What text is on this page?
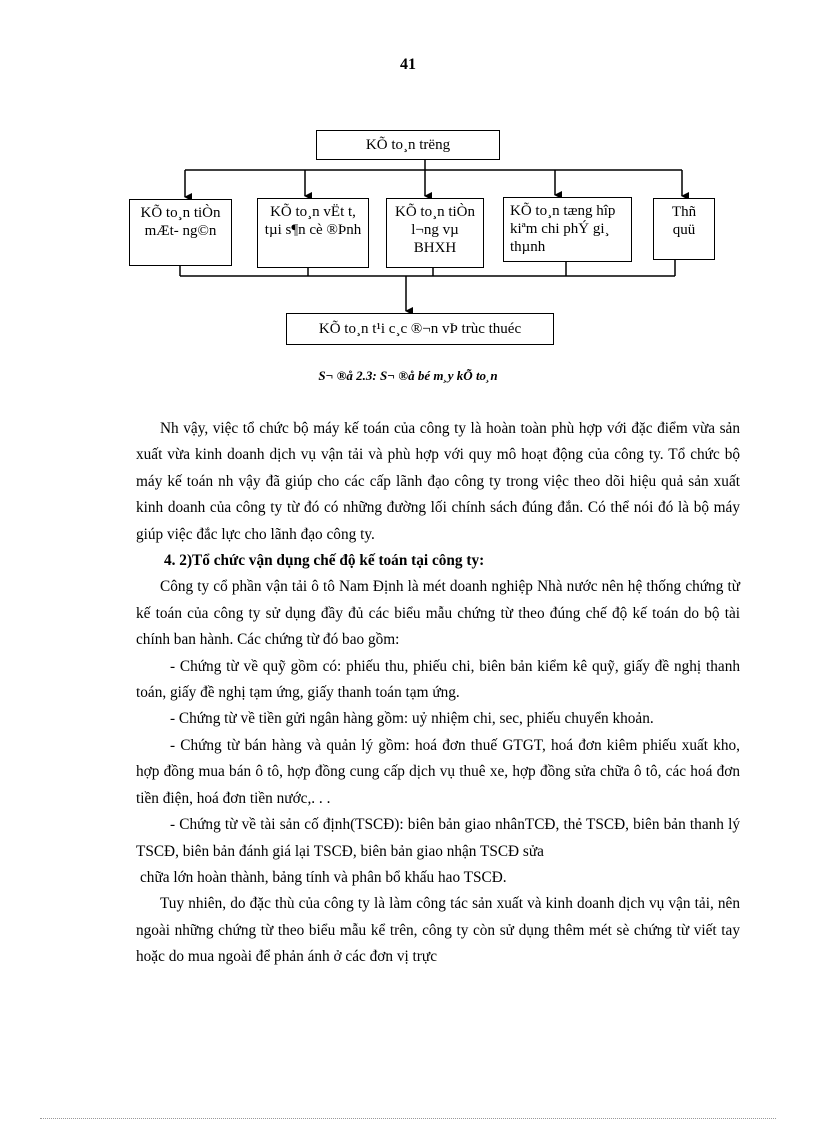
41
KÕ to¸n trëng
KÕ to¸n tiÒn mÆt- ng©n
KÕ to¸n vËt t, tµi s¶n cè ®Þnh
KÕ to¸n tiÒn l¬ng vµ BHXH
KÕ to¸n tæng hîp kiªm chi phÝ gi¸ thµnh
Thñ quü
KÕ to¸n t¹i c¸c ®¬n vÞ trùc thuéc
S¬ ®å 2.3: S¬ ®å bé m¸y kÕ to¸n

Nh vậy, việc tổ chức bộ máy kế toán của công ty là hoàn toàn phù hợp với đặc điểm vừa sản xuất vừa kinh doanh dịch vụ vận tải và phù hợp với quy mô hoạt động của công ty. Tổ chức bộ máy kế toán nh vậy đã giúp cho các cấp lãnh đạo công ty trong việc theo dõi hiệu quả sản xuất kinh doanh của công ty từ đó có những đường lối chính sách đúng đắn. Có thể nói đó là bộ máy giúp việc đắc lực cho lãnh đạo công ty.

4. 2)Tổ chức vận dụng chế độ kế toán tại công ty:

Công ty cổ phần vận tải ô tô Nam Định là mét doanh nghiệp Nhà nước nên hệ thống chứng từ kế toán của công ty sử dụng đầy đủ các biểu mẫu chứng từ theo đúng chế độ kế toán do bộ tài chính ban hành. Các chứng từ đó bao gồm:

- Chứng từ về quỹ gồm có: phiếu thu, phiếu chi, biên bản kiểm kê quỹ, giấy đề nghị thanh toán, giấy đề nghị tạm ứng, giấy thanh toán tạm ứng.

- Chứng từ về tiền gửi ngân hàng gồm: uỷ nhiệm chi, sec, phiếu chuyển khoản.

- Chứng từ bán hàng và quản lý gồm: hoá đơn thuế GTGT, hoá đơn kiêm phiếu xuất kho, hợp đồng mua bán ô tô, hợp đồng cung cấp dịch vụ thuê xe, hợp đồng sửa chữa ô tô, các hoá đơn tiền điện, hoá đơn tiền nước,. . .

- Chứng từ về tài sản cố định(TSCĐ): biên bản giao nhânTCĐ, thẻ TSCĐ, biên bản thanh lý TSCĐ, biên bản đánh giá lại TSCĐ, biên bản giao nhận TSCĐ sửa

chữa lớn hoàn thành, bảng tính và phân bổ khấu hao TSCĐ.

Tuy nhiên, do đặc thù của công ty là làm công tác sản xuất và kinh doanh dịch vụ vận tải, nên ngoài những chứng từ theo biểu mẫu kể trên, công ty còn sử dụng thêm mét sè chứng từ viết tay hoặc do mua ngoài để phản ánh ở các đơn vị trực
